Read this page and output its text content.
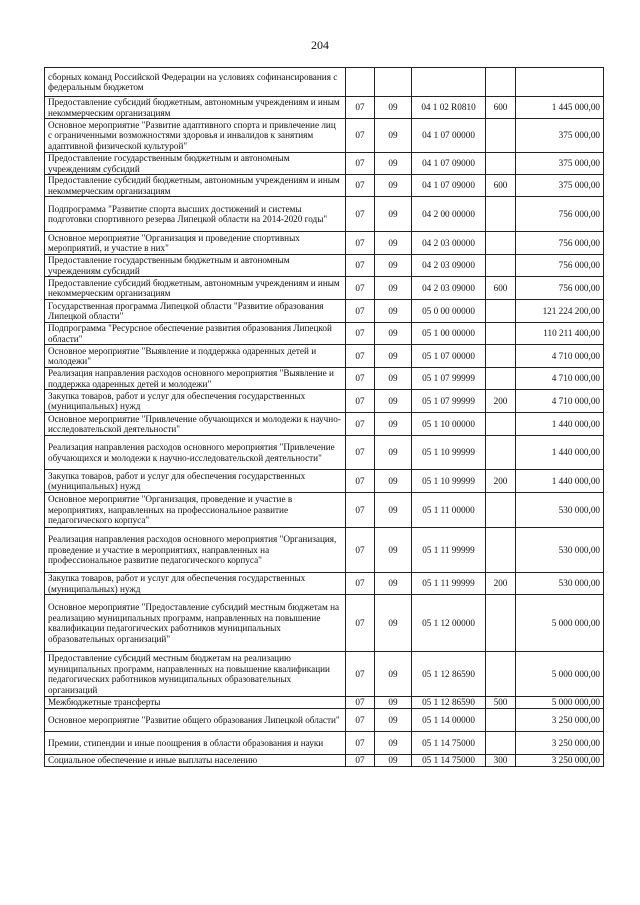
204
сборных команд Российской Федерации на условиях софинансирования с федеральным бюджетом					
Предоставление субсидий бюджетным, автономным учреждениям и иным некоммерческим организациям	07	09	04 1 02 R0810	600	1 445 000,00
Основное мероприятие "Развитие адаптивного спорта и привлечение лиц с ограниченными возможностями здоровья и инвалидов к занятиям адаптивной физической культурой"	07	09	04 1 07 00000		375 000,00
Предоставление государственным бюджетным и автономным учреждениям субсидий	07	09	04 1 07 09000		375 000,00
Предоставление субсидий бюджетным, автономным учреждениям и иным некоммерческим организациям	07	09	04 1 07 09000	600	375 000,00
Подпрограмма "Развитие спорта высших достижений и системы подготовки спортивного резерва Липецкой области на 2014-2020 годы"	07	09	04 2 00 00000		756 000,00
Основное мероприятие "Организация и проведение спортивных мероприятий, и участие в них"	07	09	04 2 03 00000		756 000,00
Предоставление государственным бюджетным и автономным учреждениям субсидий	07	09	04 2 03 09000		756 000,00
Предоставление субсидий бюджетным, автономным учреждениям и иным некоммерческим организациям	07	09	04 2 03 09000	600	756 000,00
Государственная программа Липецкой области "Развитие образования Липецкой области"	07	09	05 0 00 00000		121 224 200,00
Подпрограмма "Ресурсное обеспечение развития образования Липецкой области"	07	09	05 1 00 00000		110 211 400,00
Основное мероприятие "Выявление и поддержка одаренных детей и молодежи"	07	09	05 1 07 00000		4 710 000,00
Реализация направления расходов основного мероприятия "Выявление и поддержка одаренных детей и молодежи"	07	09	05 1 07 99999		4 710 000,00
Закупка товаров, работ и услуг для обеспечения государственных (муниципальных) нужд	07	09	05 1 07 99999	200	4 710 000,00
Основное мероприятие "Привлечение обучающихся и молодежи к научно-исследовательской деятельности"	07	09	05 1 10 00000		1 440 000,00
Реализация направления расходов основного мероприятия "Привлечение обучающихся и молодежи к научно-исследовательской деятельности"	07	09	05 1 10 99999		1 440 000,00
Закупка товаров, работ и услуг для обеспечения государственных (муниципальных) нужд	07	09	05 1 10 99999	200	1 440 000,00
Основное мероприятие "Организация, проведение и участие в мероприятиях, направленных на профессиональное развитие педагогического корпуса"	07	09	05 1 11 00000		530 000,00
Реализация направления расходов основного мероприятия "Организация, проведение и участие в мероприятиях, направленных на профессиональное развитие педагогического корпуса"	07	09	05 1 11 99999		530 000,00
Закупка товаров, работ и услуг для обеспечения государственных (муниципальных) нужд	07	09	05 1 11 99999	200	530 000,00
Основное мероприятие "Предоставление субсидий местным бюджетам на реализацию муниципальных программ, направленных на повышение квалификации педагогических работников муниципальных образовательных организаций"	07	09	05 1 12 00000		5 000 000,00
Предоставление субсидий местным бюджетам на реализацию муниципальных программ, направленных на повышение квалификации педагогических работников муниципальных образовательных организаций	07	09	05 1 12 86590		5 000 000,00
Межбюджетные трансферты	07	09	05 1 12 86590	500	5 000 000,00
Основное мероприятие "Развитие общего образования Липецкой области"	07	09	05 1 14 00000		3 250 000,00
Премии, стипендии и иные поощрения в области образования и науки	07	09	05 1 14 75000		3 250 000,00
Социальное обеспечение и иные выплаты населению	07	09	05 1 14 75000	300	3 250 000,00
